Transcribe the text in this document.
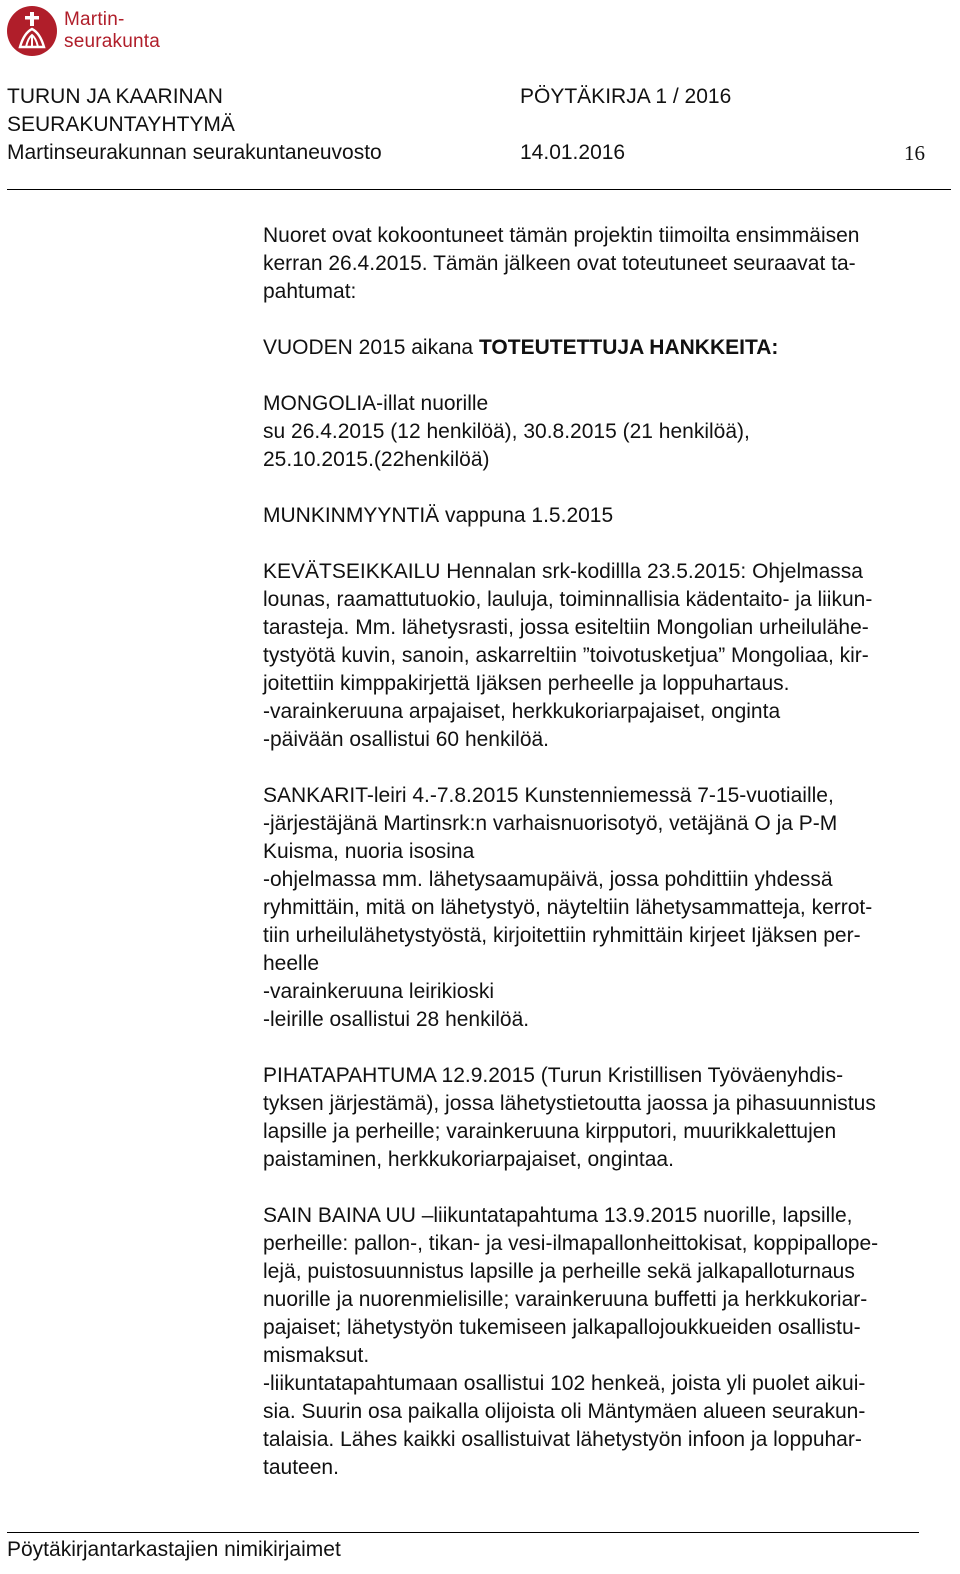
Martin-
seurakunta
TURUN JA KAARINAN
SEURAKUNTAYHTYMÄ
Martinseurakunnan seurakuntaneuvosto
PÖYTÄKIRJA 1 / 2016
14.01.2016	16
Nuoret ovat kokoontuneet tämän projektin tiimoilta ensimmäisen
kerran 26.4.2015. Tämän jälkeen ovat toteutuneet seuraavat ta-
pahtumat:
VUODEN 2015 aikana TOTEUTETTUJA HANKKEITA:
MONGOLIA-illat nuorille
su 26.4.2015 (12 henkilöä), 30.8.2015 (21 henkilöä),
25.10.2015.(22henkilöä)
MUNKINMYYNTIÄ vappuna 1.5.2015
KEVÄTSEIKKAILU Hennalan srk-kodillla 23.5.2015: Ohjelmassa
lounas, raamattutuokio, lauluja, toiminnallisia kädentaito- ja liikun-
tarasteja. Mm. lähetysrasti, jossa esiteltiin Mongolian urheilulähe-
tystyötä kuvin, sanoin, askarreltiin ”toivotusketjua” Mongoliaa, kir-
joitettiin kimppakirjettä Ijäksen perheelle ja loppuhartaus.
-varainkeruuna arpajaiset, herkkukoriarpajaiset, onginta
-päivään osallistui 60 henkilöä.
SANKARIT-leiri 4.-7.8.2015 Kunstenniemessä 7-15-vuotiaille,
-järjestäjänä Martinsrk:n varhaisnuorisotyö, vetäjänä O ja P-M
Kuisma, nuoria isosina
-ohjelmassa mm. lähetysaamupäivä, jossa pohdittiin yhdessä
ryhmittäin, mitä on lähetystyö, näyteltiin lähetysammatteja, kerrot-
tiin urheilulähetystyöstä, kirjoitettiin ryhmittäin kirjeet Ijäksen per-
heelle
-varainkeruuna leirikioski
-leirille osallistui 28 henkilöä.
PIHATAPAHTUMA 12.9.2015 (Turun Kristillisen Työväenyhdis-
tyksen järjestämä), jossa lähetystietoutta jaossa ja pihasuunnistus
lapsille ja perheille; varainkeruuna kirpputori, muurikkalettujen
paistaminen, herkkukoriarpajaiset, ongintaa.
SAIN BAINA UU –liikuntatapahtuma 13.9.2015 nuorille, lapsille,
perheille: pallon-, tikan- ja vesi-ilmapallonheittokisat, koppipallope-
lejä, puistosuunnistus lapsille ja perheille sekä jalkapalloturnaus
nuorille ja nuorenmielisille; varainkeruuna buffetti ja herkkukoriar-
pajaiset; lähetystyön tukemiseen jalkapallojoukkueiden osallistu-
mismaksut.
-liikuntatapahtumaan osallistui 102 henkeä, joista yli puolet aikui-
sia. Suurin osa paikalla olijoista oli Mäntymäen alueen seurakun-
talaisia. Lähes kaikki osallistuivat lähetystyön infoon ja loppuhar-
tauteen.
Pöytäkirjantarkastajien nimikirjaimet
